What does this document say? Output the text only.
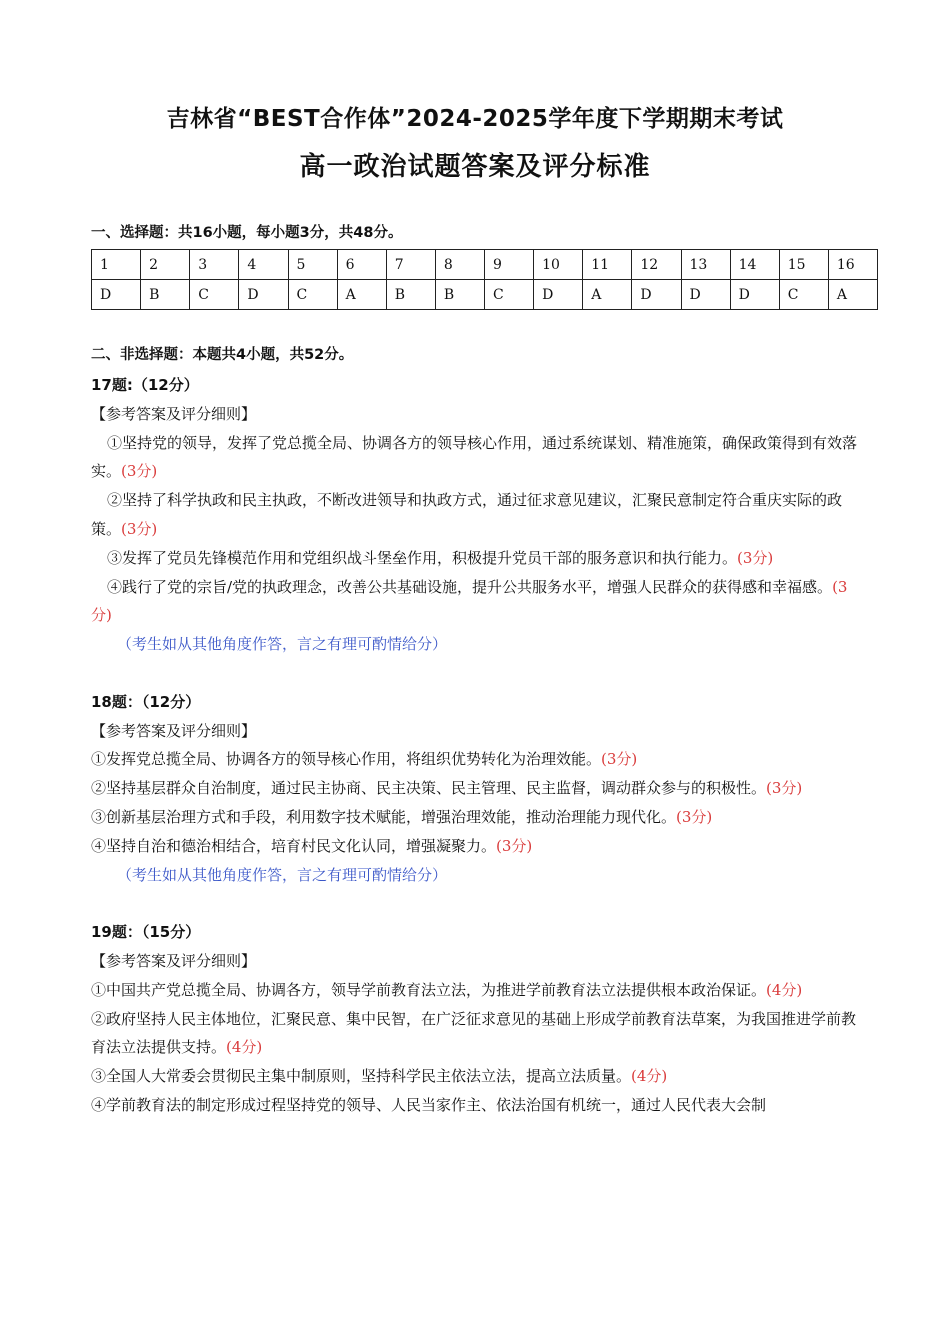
吉林省“BEST合作体”2024-2025学年度下学期期末考试
高一政治试题答案及评分标准
一、选择题：共16小题，每小题3分，共48分。
1	2	3	4	5	6	7	8	9	10	11	12	13	14	15	16
D	B	C	D	C	A	B	B	C	D	A	D	D	D	C	A
二、非选择题：本题共4小题，共52分。
17题:（12分）
【参考答案及评分细则】
①坚持党的领导，发挥了党总揽全局、协调各方的领导核心作用，通过系统谋划、精准施策，确保政策得到有效落实。(3分)
②坚持了科学执政和民主执政，不断改进领导和执政方式，通过征求意见建议，汇聚民意制定符合重庆实际的政策。(3分)
③发挥了党员先锋模范作用和党组织战斗堡垒作用，积极提升党员干部的服务意识和执行能力。(3分)
④践行了党的宗旨/党的执政理念，改善公共基础设施，提升公共服务水平，增强人民群众的获得感和幸福感。(3分)
（考生如从其他角度作答，言之有理可酌情给分）
18题：（12分）
【参考答案及评分细则】
①发挥党总揽全局、协调各方的领导核心作用，将组织优势转化为治理效能。(3分)
②坚持基层群众自治制度，通过民主协商、民主决策、民主管理、民主监督，调动群众参与的积极性。(3分)
③创新基层治理方式和手段，利用数字技术赋能，增强治理效能，推动治理能力现代化。(3分)
④坚持自治和德治相结合，培育村民文化认同，增强凝聚力。(3分)
（考生如从其他角度作答，言之有理可酌情给分）
19题：（15分）
【参考答案及评分细则】
①中国共产党总揽全局、协调各方，领导学前教育法立法，为推进学前教育法立法提供根本政治保证。(4分)
②政府坚持人民主体地位，汇聚民意、集中民智，在广泛征求意见的基础上形成学前教育法草案，为我国推进学前教育法立法提供支持。(4分)
③全国人大常委会贯彻民主集中制原则，坚持科学民主依法立法，提高立法质量。(4分)
④学前教育法的制定形成过程坚持党的领导、人民当家作主、依法治国有机统一，通过人民代表大会制
